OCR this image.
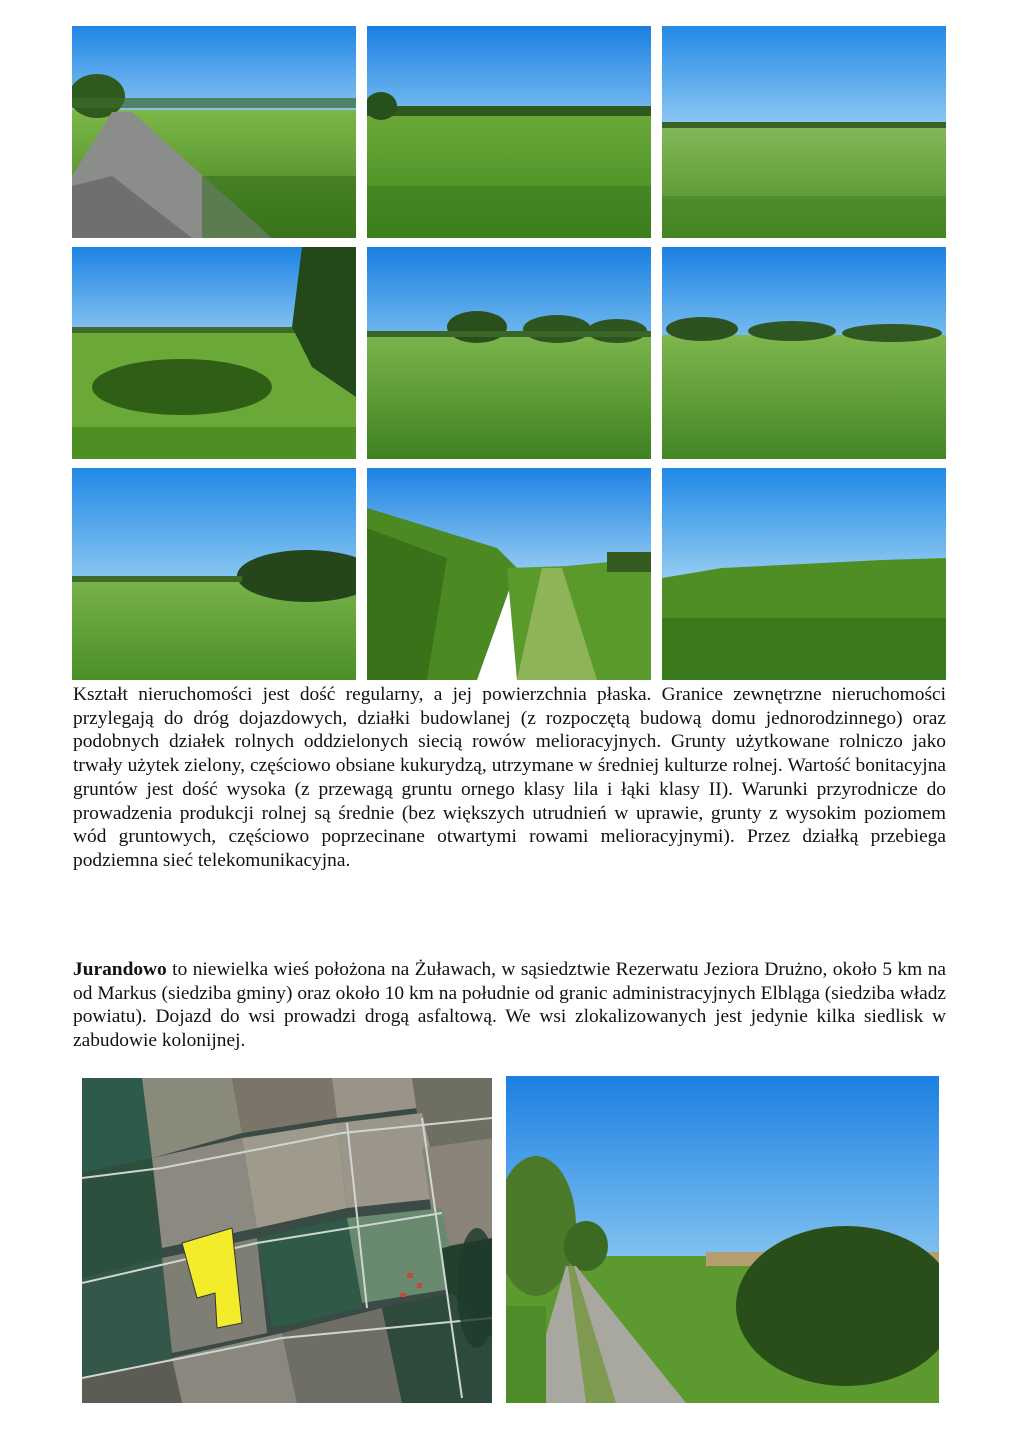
Kształt nieruchomości jest dość regularny, a jej powierzchnia płaska. Granice zewnętrzne nieruchomości przylegają do dróg dojazdowych, działki budowlanej (z rozpoczętą budową domu jednorodzinnego) oraz podobnych działek rolnych oddzielonych siecią rowów melioracyjnych. Grunty użytkowane rolniczo jako trwały użytek zielony, częściowo obsiane kukurydzą, utrzymane w średniej kulturze rolnej. Wartość bonitacyjna gruntów jest dość wysoka (z przewagą gruntu ornego klasy lila i łąki klasy II). Warunki przyrodnicze do prowadzenia produkcji rolnej są średnie (bez większych utrudnień w uprawie, grunty z wysokim poziomem wód gruntowych, częściowo poprzecinane otwartymi rowami melioracyjnymi). Przez działką przebiega podziemna sieć telekomunikacyjna.

Jurandowo to niewielka wieś położona na Żuławach, w sąsiedztwie Rezerwatu Jeziora Drużno, około 5 km na od Markus (siedziba gminy) oraz około 10 km na południe od granic administracyjnych Elbląga (siedziba władz powiatu). Dojazd do wsi prowadzi drogą asfaltową. We wsi zlokalizowanych jest jedynie kilka siedlisk w zabudowie kolonijnej.
